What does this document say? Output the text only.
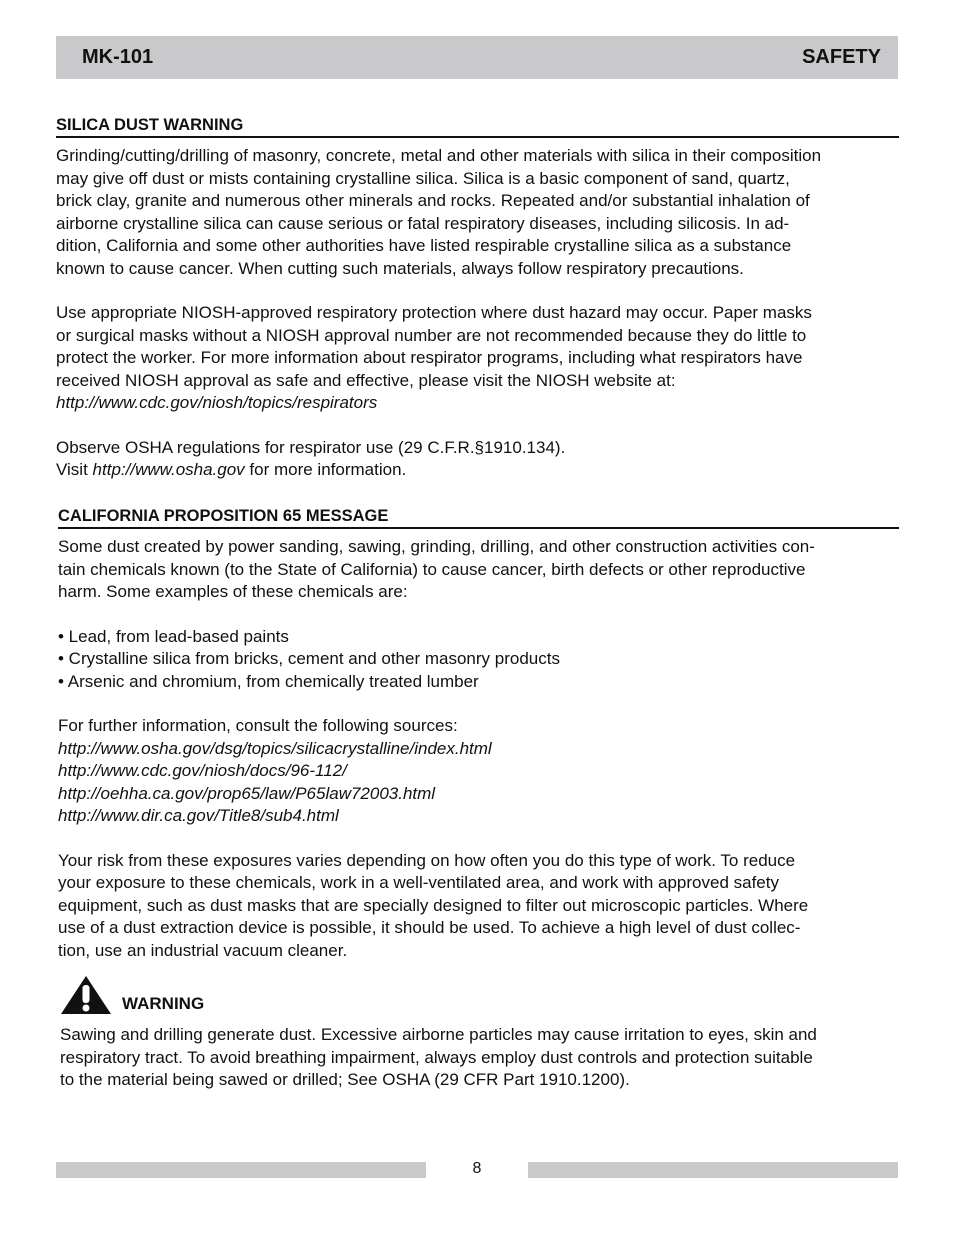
MK-101	SAFETY
SILICA DUST WARNING

Grinding/cutting/drilling of masonry, concrete, metal and other materials with silica in their composition
may give off dust or mists containing crystalline silica. Silica is a basic component of sand, quartz,
brick clay, granite and numerous other minerals and rocks. Repeated and/or substantial inhalation of
airborne crystalline silica can cause serious or fatal respiratory diseases, including silicosis. In ad-
dition, California and some other authorities have listed respirable crystalline silica as a substance
known to cause cancer. When cutting such materials, always follow respiratory precautions.

Use appropriate NIOSH-approved respiratory protection where dust hazard may occur. Paper masks
or surgical masks without a NIOSH approval number are not recommended because they do little to
protect the worker. For more information about respirator programs, including what respirators have
received NIOSH approval as safe and effective, please visit the NIOSH website at:

http://www.cdc.gov/niosh/topics/respirators

Observe OSHA regulations for respirator use (29 C.F.R.§1910.134).

Visit http://www.osha.gov for more information.

CALIFORNIA PROPOSITION 65 MESSAGE

Some dust created by power sanding, sawing, grinding, drilling, and other construction activities con-
tain chemicals known (to the State of California) to cause cancer, birth defects or other reproductive
harm. Some examples of these chemicals are:

• Lead, from lead-based paints

• Crystalline silica from bricks, cement and other masonry products

• Arsenic and chromium, from chemically treated lumber

For further information, consult the following sources:

http://www.osha.gov/dsg/topics/silicacrystalline/index.html

http://www.cdc.gov/niosh/docs/96-112/

http://oehha.ca.gov/prop65/law/P65law72003.html

http://www.dir.ca.gov/Title8/sub4.html

Your risk from these exposures varies depending on how often you do this type of work. To reduce
your exposure to these chemicals, work in a well-ventilated area, and work with approved safety
equipment, such as dust masks that are specially designed to filter out microscopic particles. Where
use of a dust extraction device is possible, it should be used. To achieve a high level of dust collec-
tion, use an industrial vacuum cleaner.

WARNING

Sawing and drilling generate dust. Excessive airborne particles may cause irritation to eyes, skin and
respiratory tract. To avoid breathing impairment, always employ dust controls and protection suitable
to the material being sawed or drilled; See OSHA (29 CFR Part 1910.1200).

8
